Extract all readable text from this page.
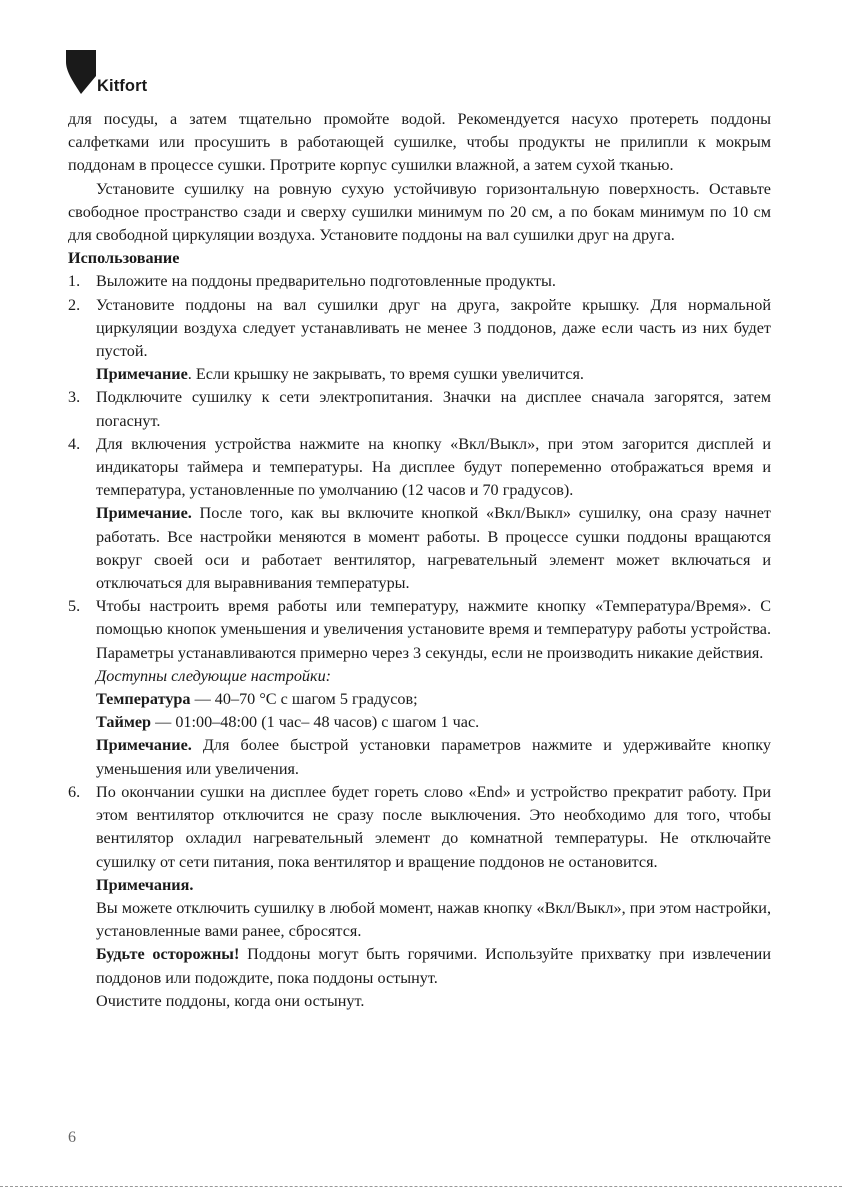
Kitfort

для посуды, а затем тщательно промойте водой. Рекомендуется насухо протереть поддоны салфетками или просушить в работающей сушилке, чтобы продукты не прилипли к мокрым поддонам в процессе сушки. Протрите корпус сушилки влажной, а затем сухой тканью.

Установите сушилку на ровную сухую устойчивую горизонтальную поверхность. Оставьте свободное пространство сзади и сверху сушилки минимум по 20 см, а по бокам минимум по 10 см для свободной циркуляции воздуха. Установите поддоны на вал сушилки друг на друга.

Использование

1. Выложите на поддоны предварительно подготовленные продукты.
2. Установите поддоны на вал сушилки друг на друга, закройте крышку. Для нормальной циркуляции воздуха следует устанавливать не менее 3 поддонов, даже если часть из них будет пустой.
Примечание. Если крышку не закрывать, то время сушки увеличится.
3. Подключите сушилку к сети электропитания. Значки на дисплее сначала загорятся, затем погаснут.
4. Для включения устройства нажмите на кнопку «Вкл/Выкл», при этом загорится дисплей и индикаторы таймера и температуры. На дисплее будут попеременно отображаться время и температура, установленные по умолчанию (12 часов и 70 градусов).
Примечание. После того, как вы включите кнопкой «Вкл/Выкл» сушилку, она сразу начнет работать. Все настройки меняются в момент работы. В процессе сушки поддоны вращаются вокруг своей оси и работает вентилятор, нагревательный элемент может включаться и отключаться для выравнивания температуры.
5. Чтобы настроить время работы или температуру, нажмите кнопку «Температура/Время». С помощью кнопок уменьшения и увеличения установите время и температуру работы устройства. Параметры устанавливаются примерно через 3 секунды, если не производить никакие действия.
Доступны следующие настройки:
Температура — 40–70 °С с шагом 5 градусов;
Таймер — 01:00–48:00 (1 час– 48 часов) с шагом 1 час.
Примечание. Для более быстрой установки параметров нажмите и удерживайте кнопку уменьшения или увеличения.
6. По окончании сушки на дисплее будет гореть слово «End» и устройство прекратит работу. При этом вентилятор отключится не сразу после выключения. Это необходимо для того, чтобы вентилятор охладил нагревательный элемент до комнатной температуры. Не отключайте сушилку от сети питания, пока вентилятор и вращение поддонов не остановится.
Примечания.
Вы можете отключить сушилку в любой момент, нажав кнопку «Вкл/Выкл», при этом настройки, установленные вами ранее, сбросятся.
Будьте осторожны! Поддоны могут быть горячими. Используйте прихватку при извлечении поддонов или подождите, пока поддоны остынут.
Очистите поддоны, когда они остынут.
6
